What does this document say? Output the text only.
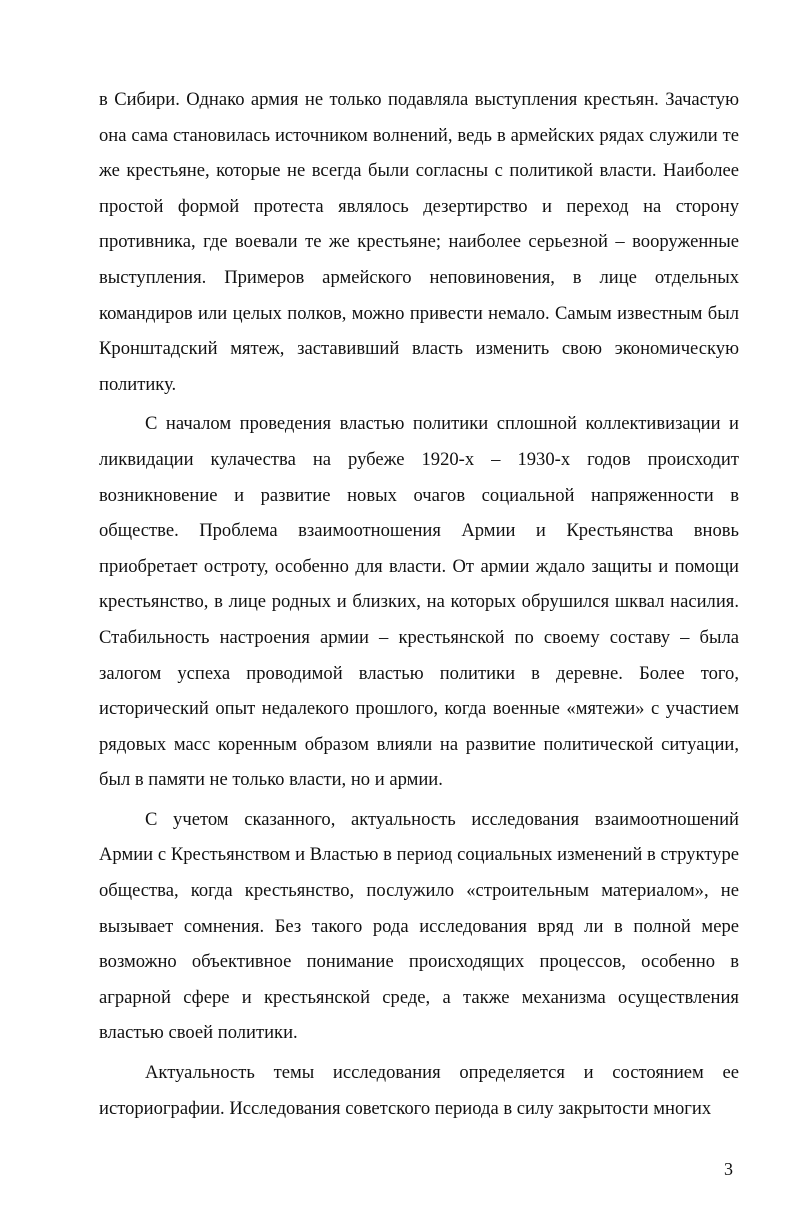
в Сибири. Однако армия не только подавляла выступления крестьян. Зачастую она сама становилась источником волнений, ведь в армейских рядах служили те же крестьяне, которые не всегда были согласны с политикой власти. Наиболее простой формой протеста являлось дезертирство и переход на сторону противника, где воевали те же крестьяне; наиболее серьезной – вооруженные выступления. Примеров армейского неповиновения, в лице отдельных командиров или целых полков, можно привести немало. Самым известным был Кронштадский мятеж, заставивший власть изменить свою экономическую политику.

С началом проведения властью политики сплошной коллективизации и ликвидации кулачества на рубеже 1920-х – 1930-х годов происходит возникновение и развитие новых очагов социальной напряженности в обществе. Проблема взаимоотношения Армии и Крестьянства вновь приобретает остроту, особенно для власти. От армии ждало защиты и помощи крестьянство, в лице родных и близких, на которых обрушился шквал насилия. Стабильность настроения армии – крестьянской по своему составу – была залогом успеха проводимой властью политики в деревне. Более того, исторический опыт недалекого прошлого, когда военные «мятежи» с участием рядовых масс коренным образом влияли на развитие политической ситуации, был в памяти не только власти, но и армии.

С учетом сказанного, актуальность исследования взаимоотношений Армии с Крестьянством и Властью в период социальных изменений в структуре общества, когда крестьянство, послужило «строительным материалом», не вызывает сомнения. Без такого рода исследования вряд ли в полной мере возможно объективное понимание происходящих процессов, особенно в аграрной сфере и крестьянской среде, а также механизма осуществления властью своей политики.

Актуальность темы исследования определяется и состоянием ее историографии. Исследования советского периода в силу закрытости многих

3
